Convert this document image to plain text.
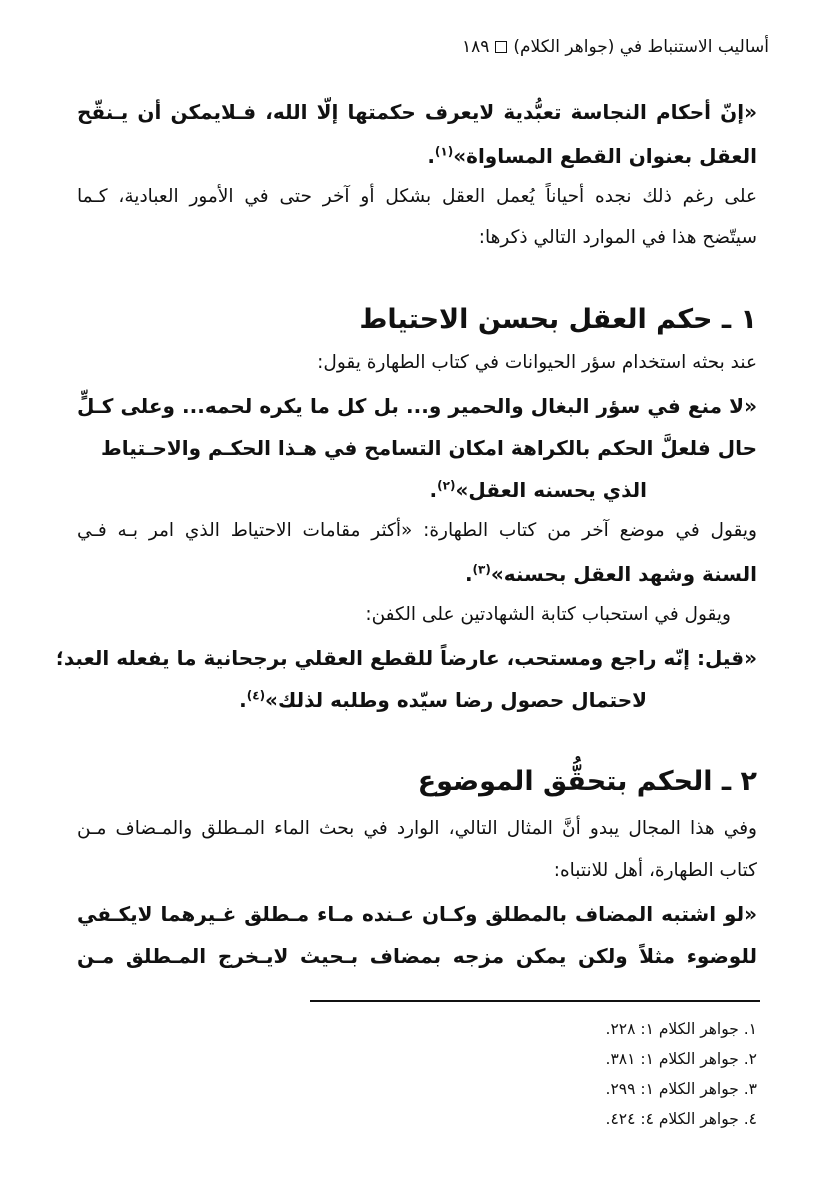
أساليب الاستنباط في (جواهر الكلام)١٨٩
«إنّ أحكام النجاسة تعبُّدية لايعرف حكمتها إلّا الله، فـلايمكن أن يـنقّح
العقل بعنوان القطع المساواة»$^{(١)}$.
على رغم ذلك نجده أحياناً يُعمل العقل بشكل أو آخر حتى في الأمور العبادية، كـما
سيتّضح هذا في الموارد التالي ذكرها:
١ ـ حكم العقل بحسن الاحتياط
عند بحثه استخدام سؤر الحيوانات في كتاب الطهارة يقول:
«لا منع في سؤر البغال والحمير و... بل كل ما يكره لحمه... وعلى كـلٍّ
حال فلعلَّ الحكم بالكراهة امكان التسامح في هـذا الحكـم والاحـتياط
الذي يحسنه العقل»$^{(٢)}$.
ويقول في موضع آخر من كتاب الطهارة: «أكثر مقامات الاحتياط الذي امر بـه فـي
السنة وشهد العقل بحسنه»$^{(٣)}$.
ويقول في استحباب كتابة الشهادتين على الكفن:
«قيل: إنّه راجع ومستحب، عارضاً للقطع العقلي برجحانية ما يفعله العبد؛
لاحتمال حصول رضا سيّده وطلبه لذلك»$^{(٤)}$.
٢ ـ الحكم بتحقُّق الموضوع
وفي هذا المجال يبدو أنَّ المثال التالي، الوارد في بحث الماء المـطلق والمـضاف مـن
كتاب الطهارة، أهل للانتباه:
«لو اشتبه المضاف بالمطلق وكـان عـنده مـاء مـطلق غـيرهما لايكـفي
للوضوء مثلاً ولكن يمكن مزجه بمضاف بـحيث لايـخرج المـطلق مـن
١. جواهر الكلام ١: ٢٢٨.
٢. جواهر الكلام ١: ٣٨١.
٣. جواهر الكلام ١: ٢٩٩.
٤. جواهر الكلام ٤: ٤٢٤.
